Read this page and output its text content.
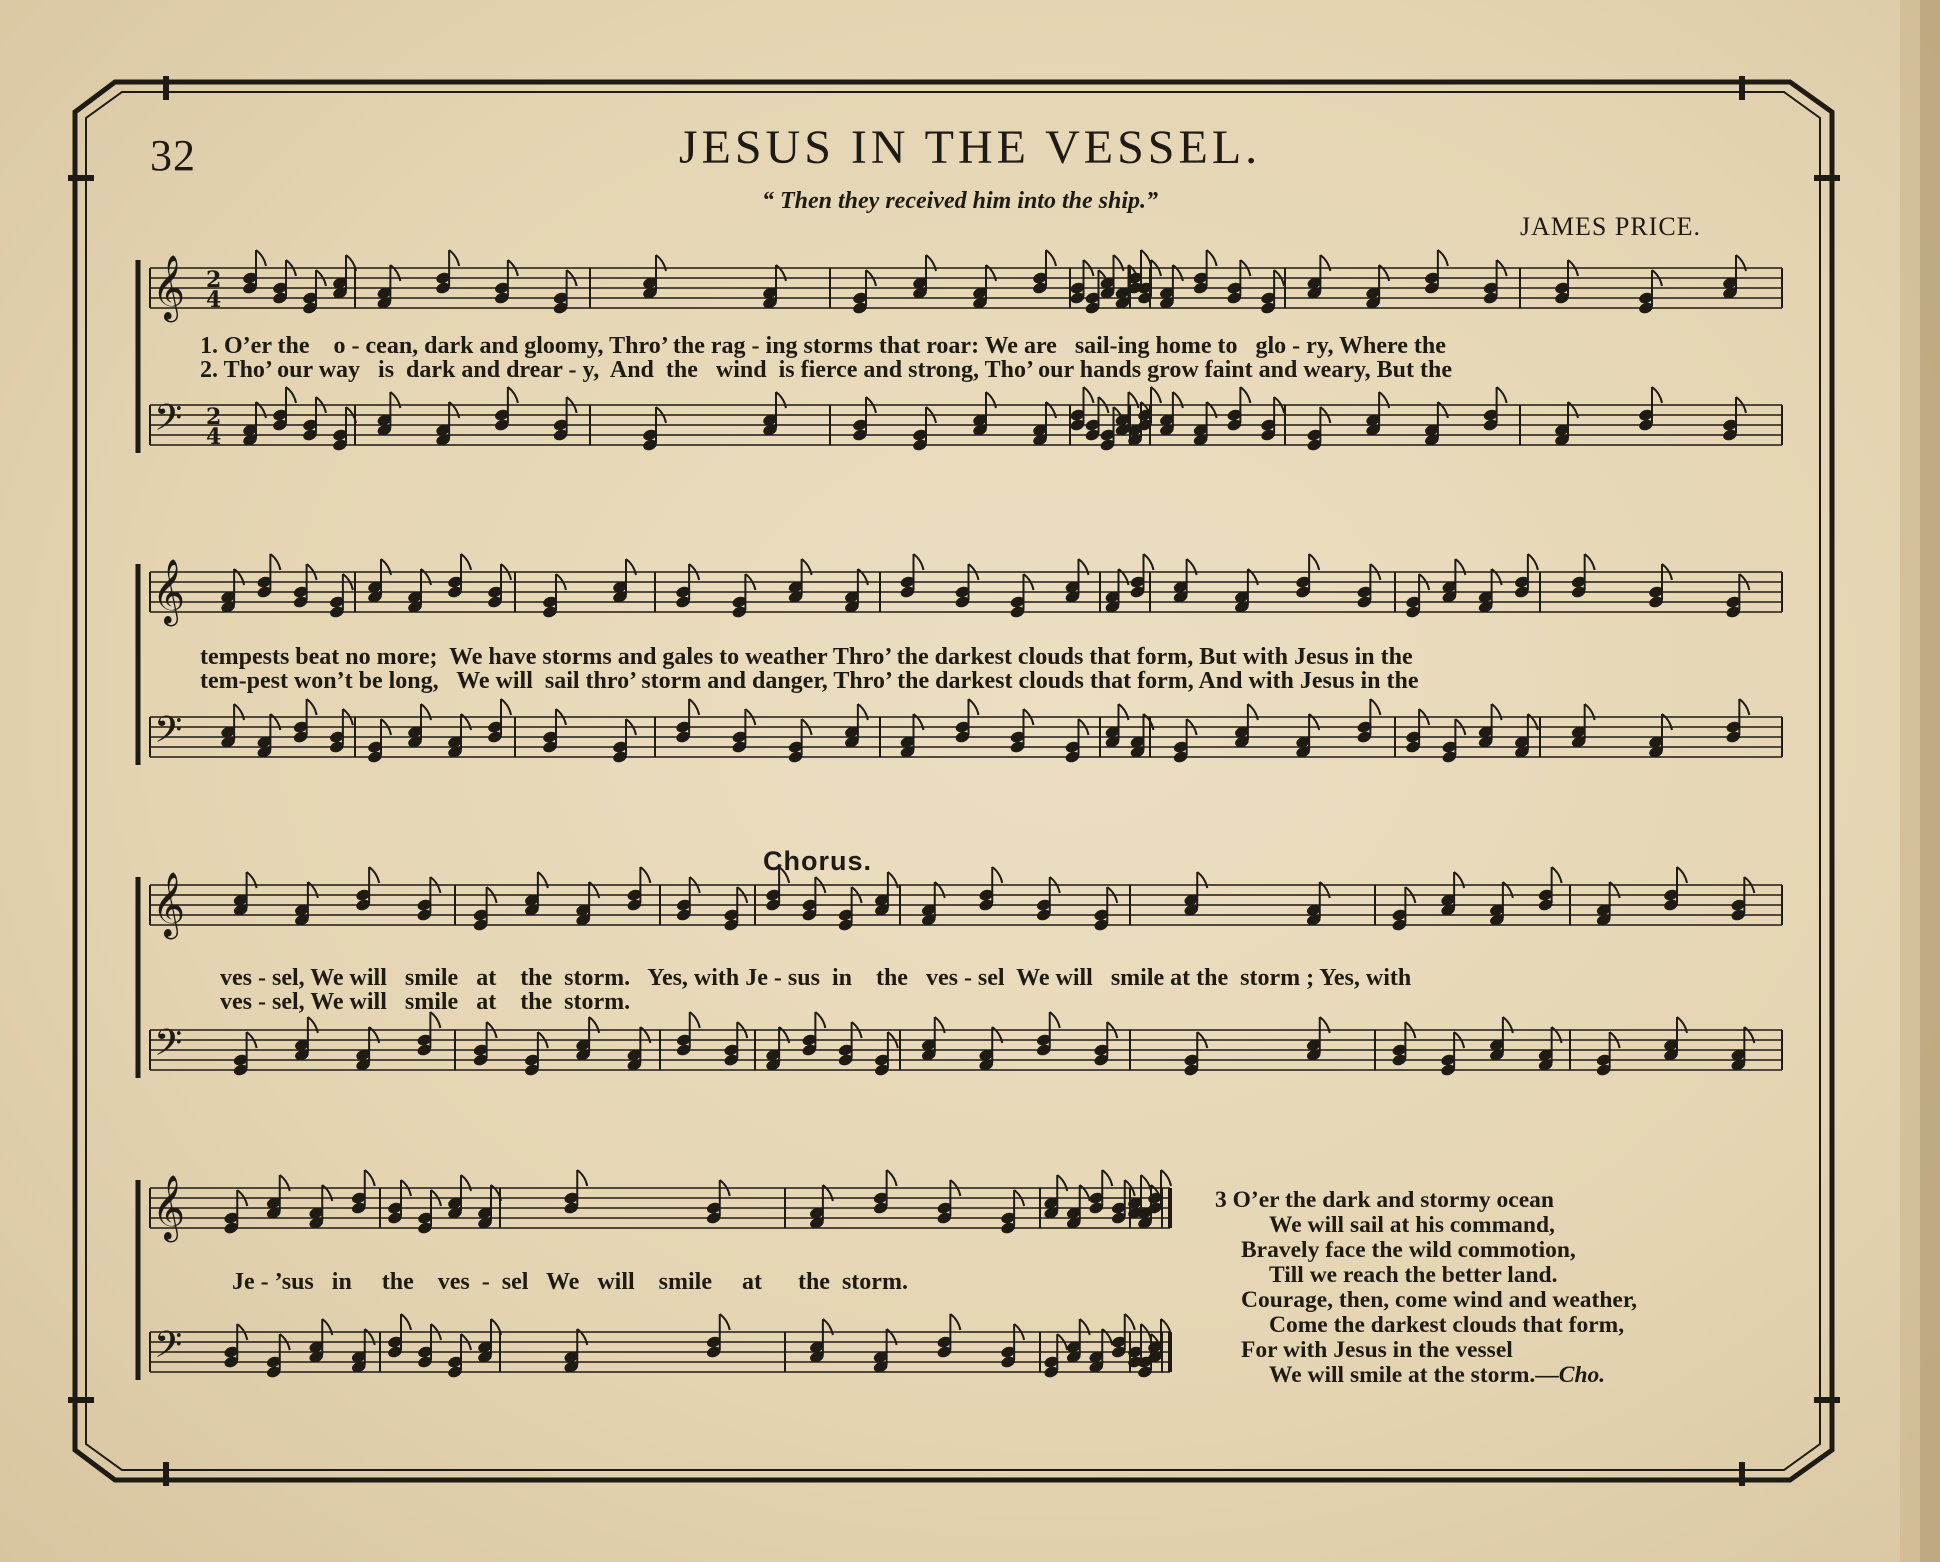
𝄞
𝄢
2
4
2
4
𝄞
𝄢
𝄞
𝄢
𝄞
𝄢
32	JESUS IN THE VESSEL.
“ Then they received him into the ship.”
JAMES PRICE.
Chorus.
1. O’er the    o - cean, dark and gloomy, Thro’ the rag - ing storms that roar: We are   sail-ing home to   glo - ry, Where the
2. Tho’ our way   is  dark and drear - y,  And  the   wind  is fierce and strong, Tho’ our hands grow faint and weary, But the
tempests beat no more;  We have storms and gales to weather Thro’ the darkest clouds that form, But with Jesus in the
tem-pest won’t be long,   We will  sail thro’ storm and danger, Thro’ the darkest clouds that form, And with Jesus in the
ves - sel, We will   smile   at    the  storm.   Yes, with Je - sus  in    the   ves - sel  We will   smile at the  storm ; Yes, with
ves - sel, We will   smile   at    the  storm.
Je - ’sus   in     the    ves  -  sel   We   will    smile     at      the  storm.
3 O’er the dark and stormy ocean
We will sail at his command,
Bravely face the wild commotion,
Till we reach the better land.
Courage, then, come wind and weather,
Come the darkest clouds that form,
For with Jesus in the vessel
We will smile at the storm.—Cho.
